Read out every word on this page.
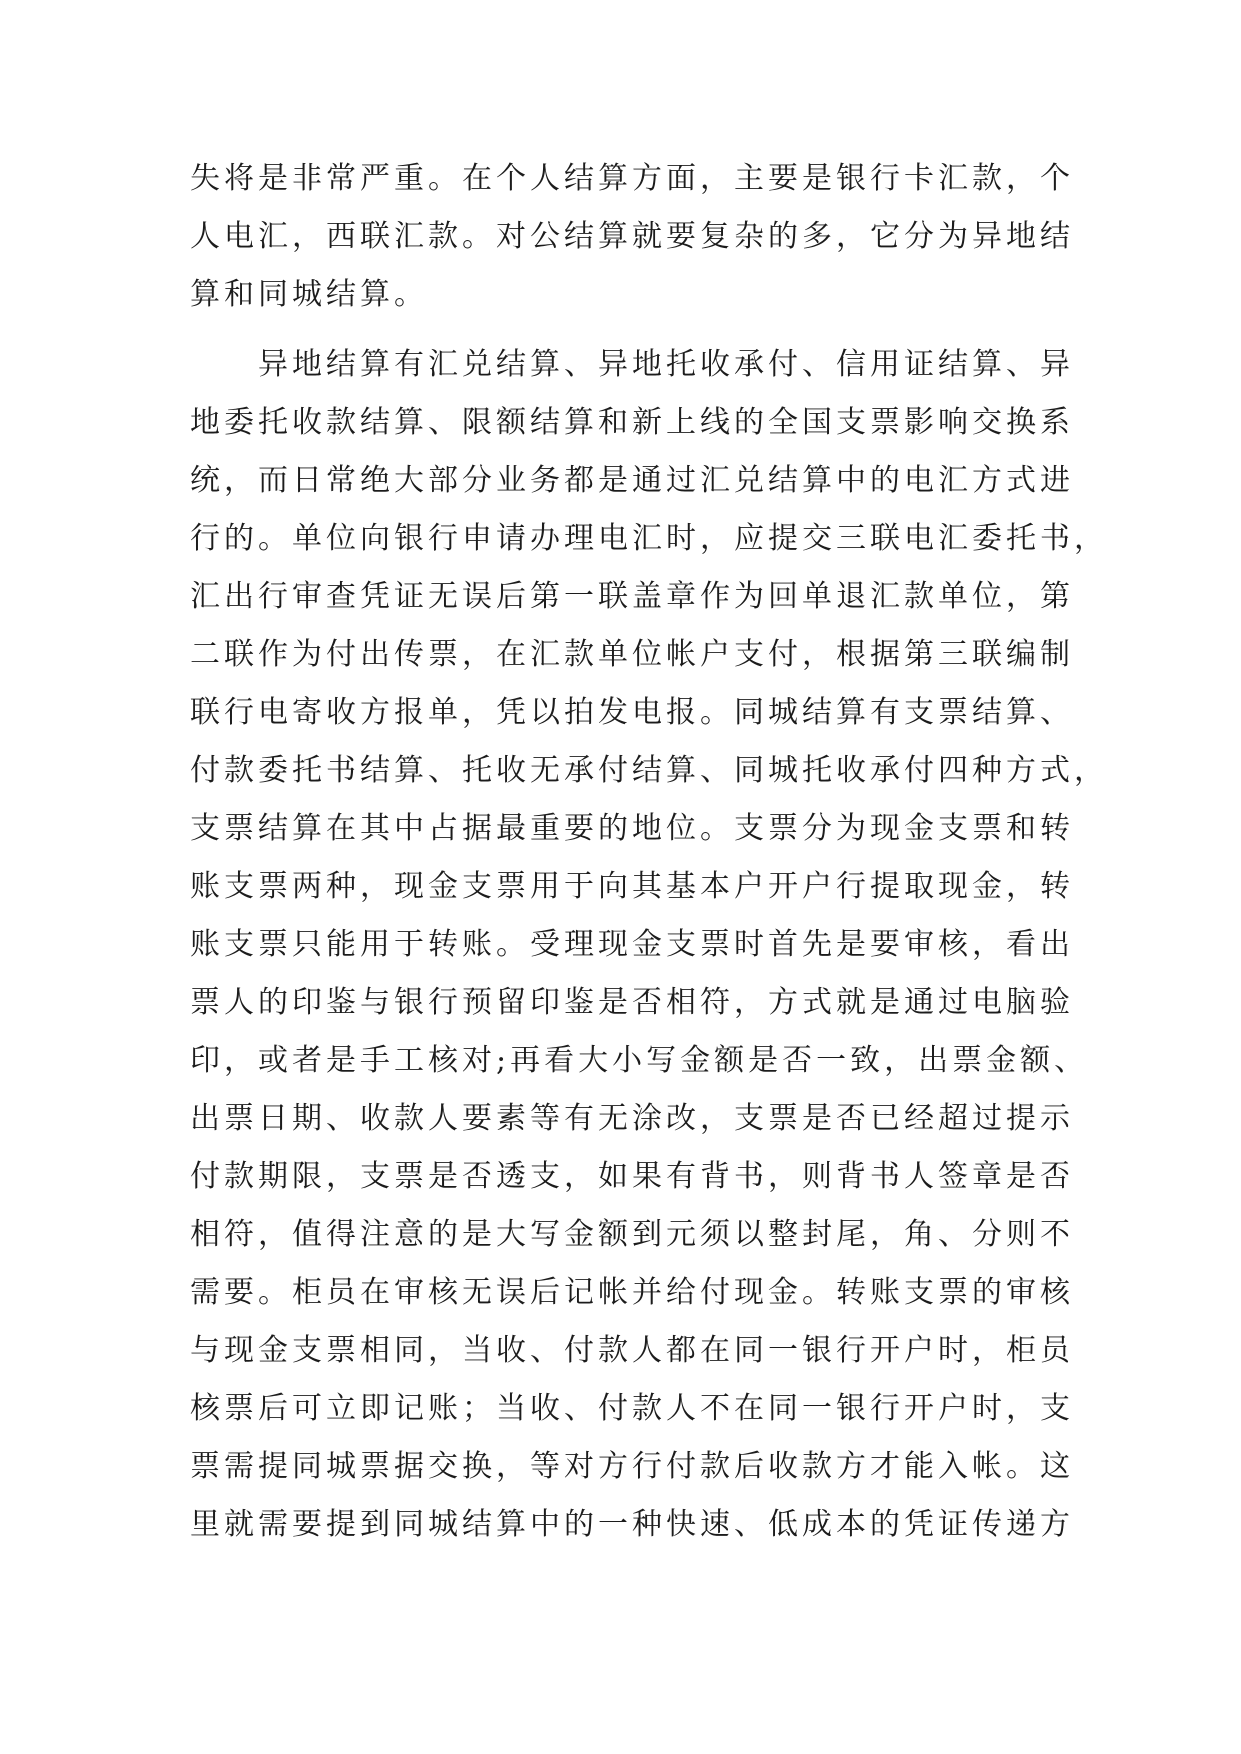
失将是非常严重。在个人结算方面，主要是银行卡汇款，个
人电汇，西联汇款。对公结算就要复杂的多，它分为异地结
算和同城结算。
　　异地结算有汇兑结算、异地托收承付、信用证结算、异
地委托收款结算、限额结算和新上线的全国支票影响交换系
统，而日常绝大部分业务都是通过汇兑结算中的电汇方式进
行的。单位向银行申请办理电汇时，应提交三联电汇委托书，
汇出行审查凭证无误后第一联盖章作为回单退汇款单位，第
二联作为付出传票，在汇款单位帐户支付，根据第三联编制
联行电寄收方报单，凭以拍发电报。同城结算有支票结算、
付款委托书结算、托收无承付结算、同城托收承付四种方式，
支票结算在其中占据最重要的地位。支票分为现金支票和转
账支票两种，现金支票用于向其基本户开户行提取现金，转
账支票只能用于转账。受理现金支票时首先是要审核，看出
票人的印鉴与银行预留印鉴是否相符，方式就是通过电脑验
印，或者是手工核对;再看大小写金额是否一致，出票金额、
出票日期、收款人要素等有无涂改，支票是否已经超过提示
付款期限，支票是否透支，如果有背书，则背书人签章是否
相符，值得注意的是大写金额到元须以整封尾，角、分则不
需要。柜员在审核无误后记帐并给付现金。转账支票的审核
与现金支票相同，当收、付款人都在同一银行开户时，柜员
核票后可立即记账；当收、付款人不在同一银行开户时，支
票需提同城票据交换，等对方行付款后收款方才能入帐。这
里就需要提到同城结算中的一种快速、低成本的凭证传递方
